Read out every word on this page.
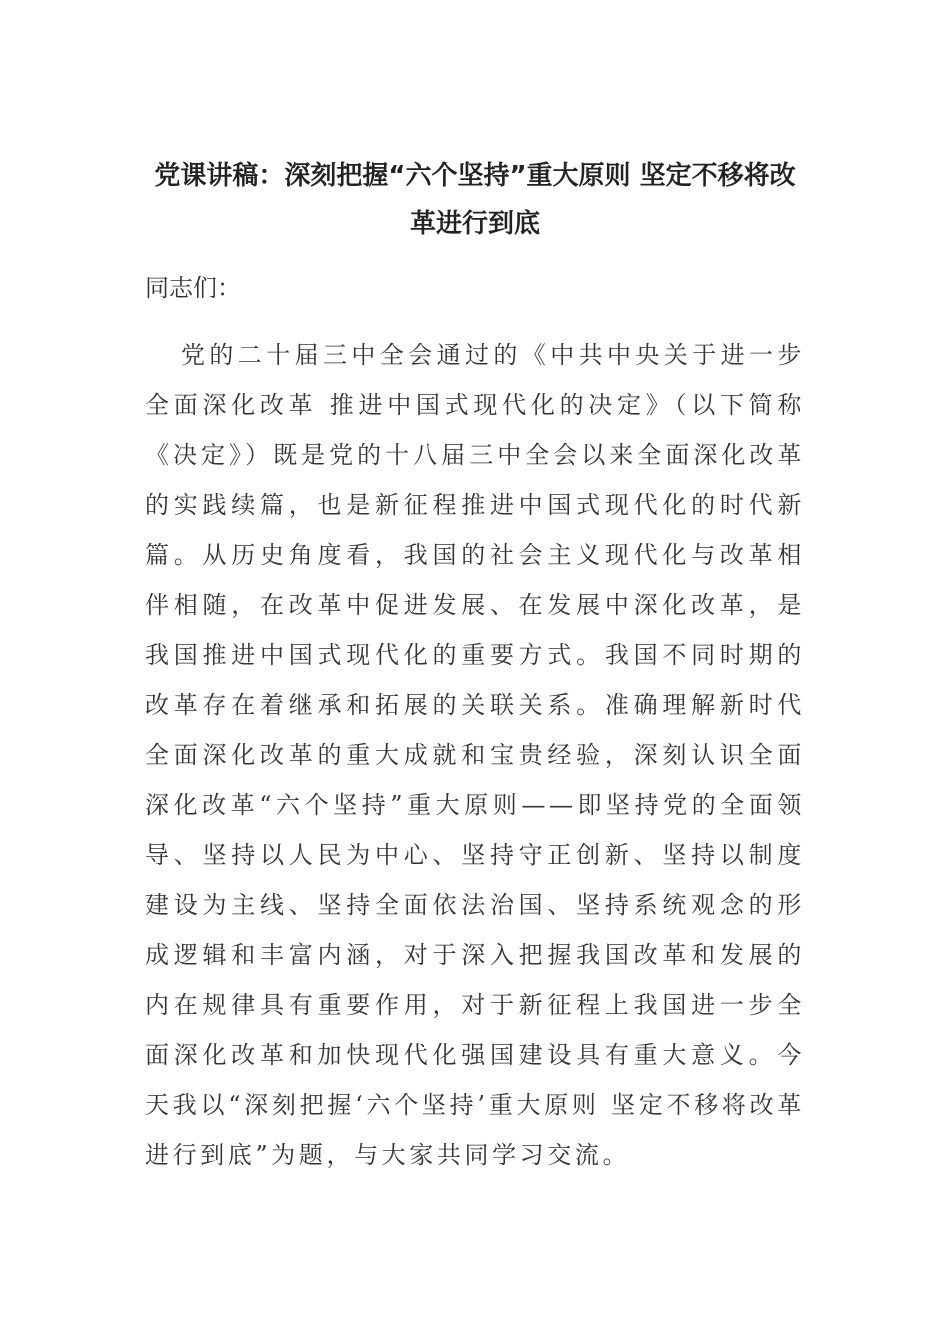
党课讲稿：深刻把握“六个坚持”重大原则 坚定不移将改
革进行到底
同志们：

党的二十届三中全会通过的《中共中央关于进一步全面深化改革 推进中国式现代化的决定》（以下简称《决定》）既是党的十八届三中全会以来全面深化改革的实践续篇，也是新征程推进中国式现代化的时代新篇。从历史角度看，我国的社会主义现代化与改革相伴相随，在改革中促进发展、在发展中深化改革，是我国推进中国式现代化的重要方式。我国不同时期的改革存在着继承和拓展的关联关系。准确理解新时代全面深化改革的重大成就和宝贵经验，深刻认识全面深化改革“六个坚持”重大原则——即坚持党的全面领导、坚持以人民为中心、坚持守正创新、坚持以制度建设为主线、坚持全面依法治国、坚持系统观念的形成逻辑和丰富内涵，对于深入把握我国改革和发展的内在规律具有重要作用，对于新征程上我国进一步全面深化改革和加快现代化强国建设具有重大意义。今天我以“深刻把握‘六个坚持’重大原则 坚定不移将改革进行到底”为题，与大家共同学习交流。
